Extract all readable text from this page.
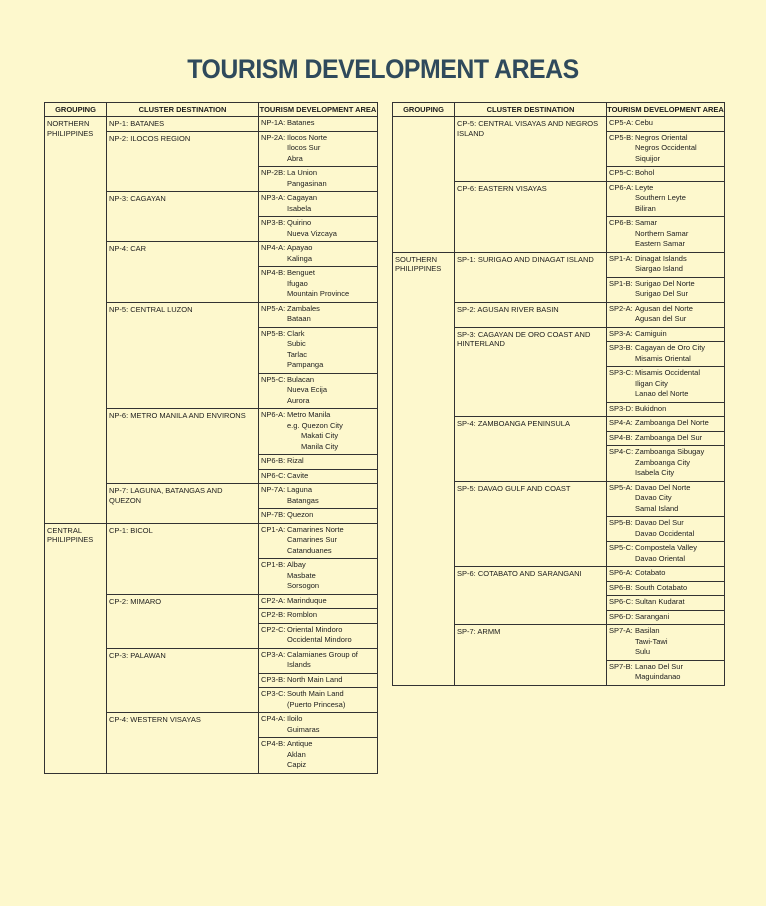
TOURISM DEVELOPMENT AREAS
GROUPING	CLUSTER DESTINATION	TOURISM DEVELOPMENT AREA

NORTHERN PHILIPPINES	NP-1: BATANES	NP-1A: Batanes

	NP-2: ILOCOS REGION	NP-2A: Ilocos Norte
Ilocos Sur
Abra

		NP-2B: La Union
Pangasinan

	NP-3: CAGAYAN	NP3-A: Cagayan
Isabela

		NP3-B: Quirino
Nueva Vizcaya

	NP-4: CAR	NP4-A: Apayao
Kalinga

		NP4-B: Benguet
Ifugao
Mountain Province

	NP-5: CENTRAL LUZON	NP5-A: Zambales
Bataan

		NP5-B: Clark
Subic
Tarlac
Pampanga

		NP5-C: Bulacan
Nueva Ecija
Aurora

	NP-6: METRO MANILA AND ENVIRONS	NP6-A: Metro Manila
e.g. Quezon City
Makati City
Manila City

		NP6-B: Rizal

		NP6-C: Cavite

	NP-7: LAGUNA, BATANGAS AND QUEZON	NP-7A: Laguna
Batangas

		NP-7B: Quezon

CENTRAL PHILIPPINES	CP-1: BICOL	CP1-A: Camarines Norte
Camarines Sur
Catanduanes

		CP1-B: Albay
Masbate
Sorsogon

	CP-2: MIMARO	CP2-A: Marinduque

		CP2-B: Romblon

		CP2-C: Oriental Mindoro
Occidental Mindoro

	CP-3: PALAWAN	CP3-A: Calamianes Group of
Islands

		CP3-B: North Main Land

		CP3-C: South Main Land
(Puerto Princesa)

	CP-4: WESTERN VISAYAS	CP4-A: Iloilo
Guimaras

		CP4-B: Antique
Aklan
Capiz
GROUPING	CLUSTER DESTINATION	TOURISM DEVELOPMENT AREA

	CP-5: CENTRAL VISAYAS AND NEGROS ISLAND	CP5-A: Cebu

		CP5-B: Negros Oriental
Negros Occidental
Siquijor

		CP5-C: Bohol

	CP-6: EASTERN VISAYAS	CP6-A: Leyte
Southern Leyte
Biliran

		CP6-B: Samar
Northern Samar
Eastern Samar

SOUTHERN PHILIPPINES	SP-1: SURIGAO AND DINAGAT ISLAND	SP1-A: Dinagat Islands
Siargao Island

		SP1-B: Surigao Del Norte
Surigao Del Sur

	SP-2: AGUSAN RIVER BASIN	SP2-A: Agusan del Norte
Agusan del Sur

	SP-3: CAGAYAN DE ORO COAST AND HINTERLAND	SP3-A: Camiguin

		SP3-B: Cagayan de Oro City
Misamis Oriental

		SP3-C: Misamis Occidental
Iligan City
Lanao del Norte

		SP3-D: Bukidnon

	SP-4: ZAMBOANGA PENINSULA	SP4-A: Zamboanga Del Norte

		SP4-B: Zamboanga Del Sur

		SP4-C: Zamboanga Sibugay
Zamboanga City
Isabela City

	SP-5: DAVAO GULF AND COAST	SP5-A: Davao Del Norte
Davao City
Samal Island

		SP5-B: Davao Del Sur
Davao Occidental

		SP5-C: Compostela Valley
Davao Oriental

	SP-6: COTABATO AND SARANGANI	SP6-A: Cotabato

		SP6-B: South Cotabato

		SP6-C: Sultan Kudarat

		SP6-D: Sarangani

	SP-7: ARMM	SP7-A: Basilan
Tawi-Tawi
Sulu

		SP7-B: Lanao Del Sur
Maguindanao
